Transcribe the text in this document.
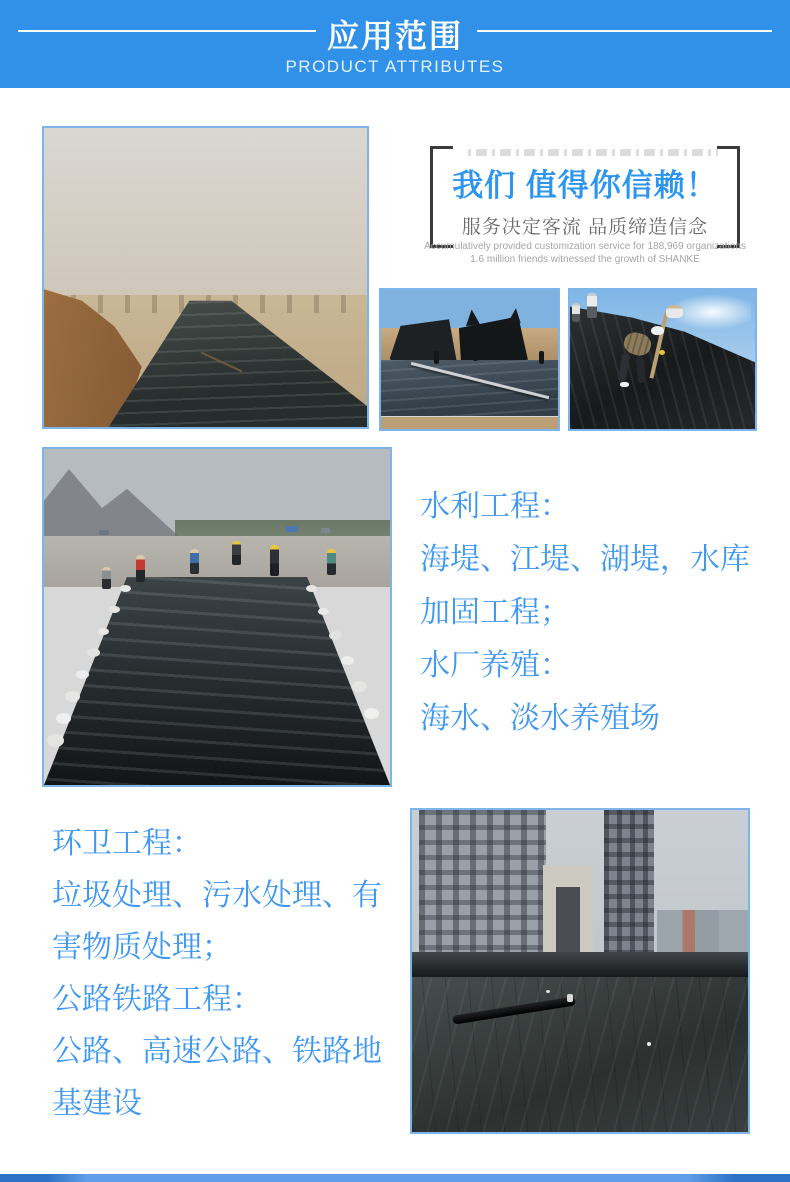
应用范围
PRODUCT ATTRIBUTES
我们 值得你信赖！
服务决定客流 品质缔造信念
Accumulatively provided customization service for 188,969 organizations
1.6 million friends witnessed the growth of SHANKE
水利工程：
海堤、江堤、湖堤，水库
加固工程；
水厂养殖：
海水、淡水养殖场
环卫工程：
垃圾处理、污水处理、有
害物质处理；
公路铁路工程：
公路、高速公路、铁路地
基建设
